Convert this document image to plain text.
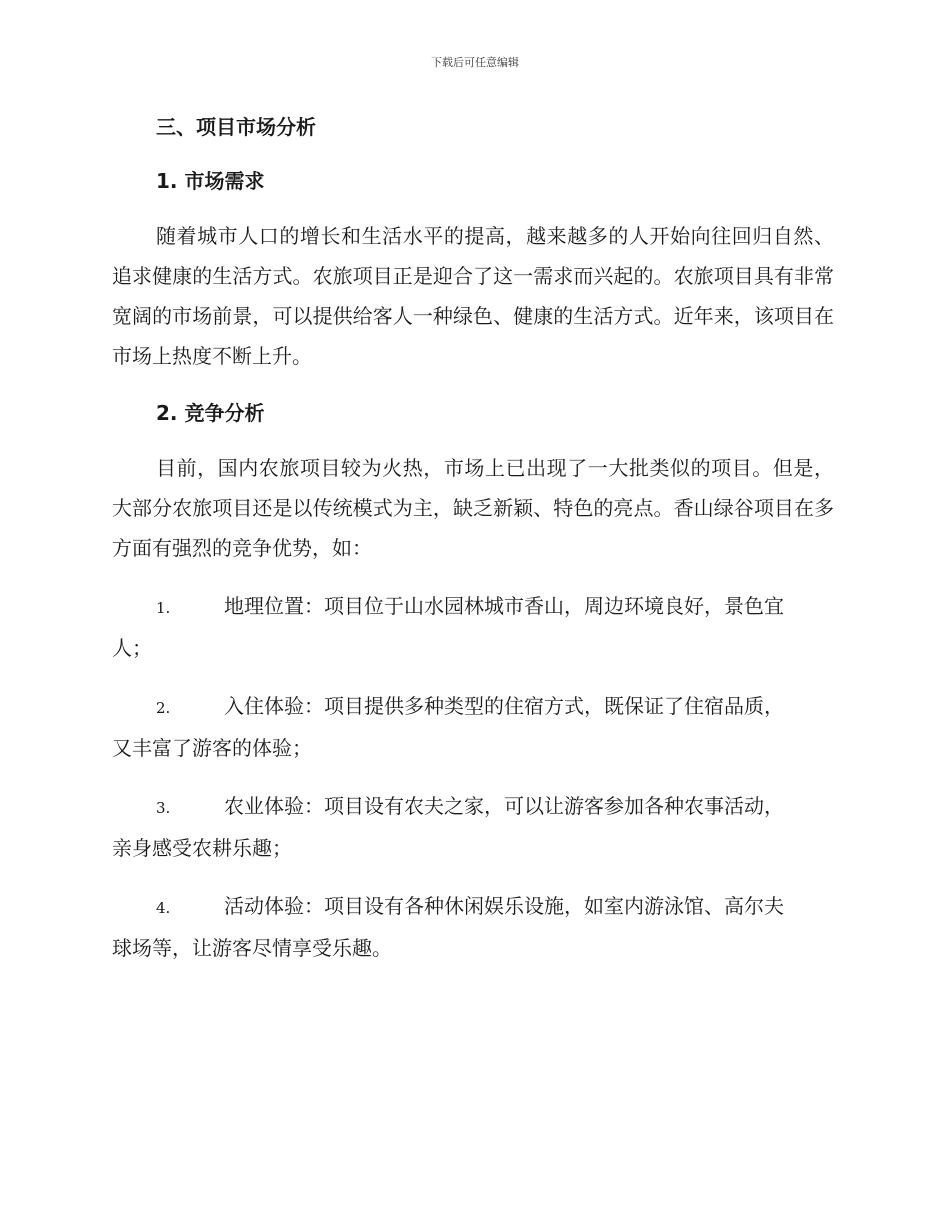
下载后可任意编辑
三、项目市场分析
1. 市场需求

随着城市人口的增长和生活水平的提高，越来越多的人开始向往回归自然、追求健康的生活方式。农旅项目正是迎合了这一需求而兴起的。农旅项目具有非常宽阔的市场前景，可以提供给客人一种绿色、健康的生活方式。近年来，该项目在市场上热度不断上升。

2. 竞争分析

目前，国内农旅项目较为火热，市场上已出现了一大批类似的项目。但是，大部分农旅项目还是以传统模式为主，缺乏新颖、特色的亮点。香山绿谷项目在多方面有强烈的竞争优势，如：

1.	地理位置：项目位于山水园林城市香山，周边环境良好，景色宜
人；
2.	入住体验：项目提供多种类型的住宿方式，既保证了住宿品质，
又丰富了游客的体验；
3.	农业体验：项目设有农夫之家，可以让游客参加各种农事活动，
亲身感受农耕乐趣；
4.	活动体验：项目设有各种休闲娱乐设施，如室内游泳馆、高尔夫
球场等，让游客尽情享受乐趣。
